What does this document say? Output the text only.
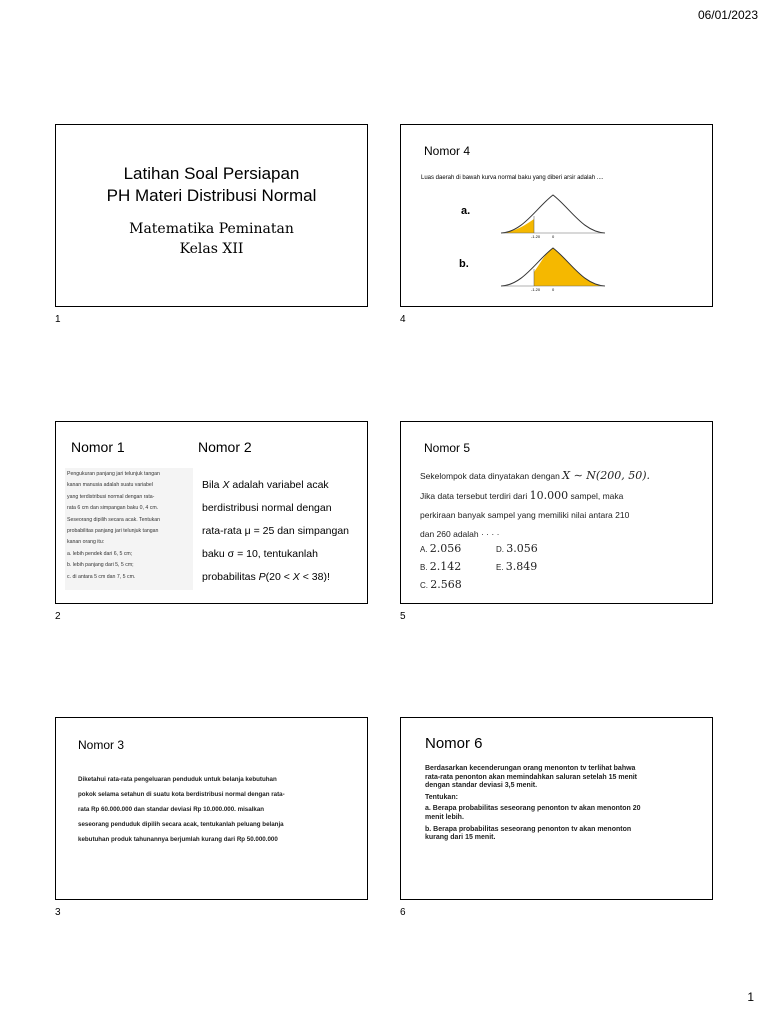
06/01/2023
1
Latihan Soal Persiapan
PH Materi Distribusi Normal
Matematika Peminatan
Kelas XII
1
Nomor 4
Luas daerah di bawah kurva normal baku yang diberi arsir adalah ....
a.
b.
-1.20	0
-1.20	0
4
Nomor 1	Nomor 2
Pengukuran panjang jari telunjuk tangan
kanan manusia adalah suatu variabel
yang terdistribusi normal dengan rata-
rata 6 cm dan simpangan baku 0, 4 cm.
Seseorang dipilih secara acak. Tentukan
probabilitas panjang jari telunjuk tangan
kanan orang itu:
a. lebih pendek dari 6, 5 cm;
b. lebih panjang dari 5, 5 cm;
c. di antara 5 cm dan 7, 5 cm.
Bila X adalah variabel acak
berdistribusi normal dengan
rata-rata μ = 25 dan simpangan
baku σ = 10, tentukanlah
probabilitas P(20 < X < 38)!
2
Nomor 5
Sekelompok data dinyatakan dengan X ∼ N(200, 50).
Jika data tersebut terdiri dari 10.000 sampel, maka
perkiraan banyak sampel yang memiliki nilai antara 210
dan 260 adalah · · · ·
A. 2.056	D. 3.056
B. 2.142	E. 3.849
C. 2.568
5
Nomor 3
Diketahui rata-rata pengeluaran penduduk untuk belanja kebutuhan
pokok selama setahun di suatu kota berdistribusi normal dengan rata-
rata Rp 60.000.000 dan standar deviasi Rp 10.000.000. misalkan
seseorang penduduk dipilih secara acak, tentukanlah peluang belanja
kebutuhan produk tahunannya berjumlah kurang dari Rp 50.000.000
3
Nomor 6
Berdasarkan kecenderungan orang menonton tv terlihat bahwa
rata-rata penonton akan memindahkan saluran setelah 15 menit
dengan standar deviasi 3,5 menit.
Tentukan:
a. Berapa probabilitas seseorang penonton tv akan menonton 20
menit lebih.
b. Berapa probabilitas seseorang penonton tv akan menonton
kurang dari 15 menit.
6
